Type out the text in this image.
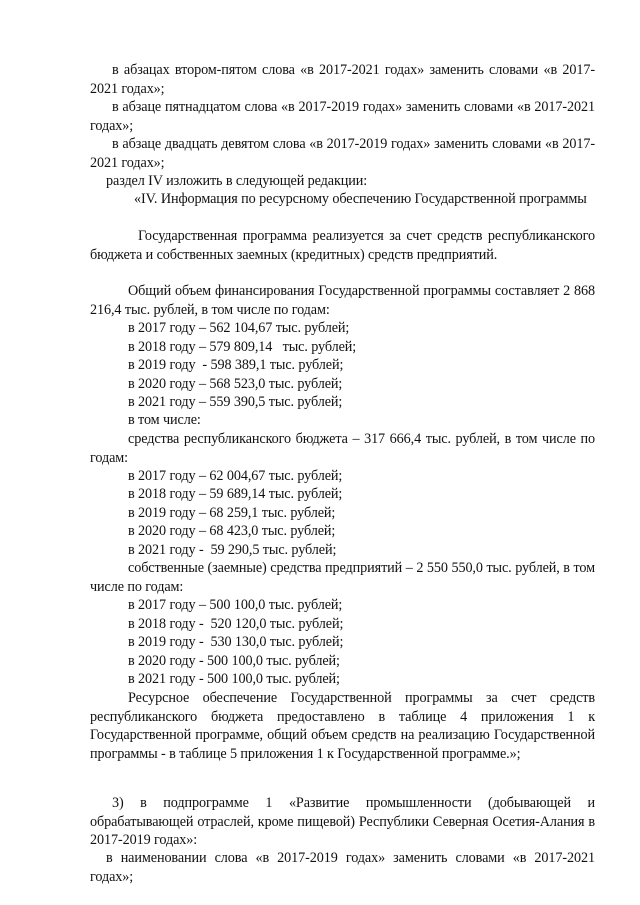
в абзацах втором-пятом слова «в 2017-2021 годах» заменить словами «в 2017-2021 годах»;

в абзаце пятнадцатом слова «в 2017-2019 годах» заменить словами «в 2017-2021 годах»;

в абзаце двадцать девятом слова «в 2017-2019 годах» заменить словами «в 2017-2021 годах»;

раздел IV изложить в следующей редакции:

«IV. Информация по ресурсному обеспечению Государственной программы

Государственная программа реализуется за счет средств республиканского бюджета и собственных заемных (кредитных) средств предприятий.

Общий объем финансирования Государственной программы составляет 2 868 216,4 тыс. рублей, в том числе по годам:

в 2017 году – 562 104,67 тыс. рублей;
в 2018 году – 579 809,14   тыс. рублей;
в 2019 году  - 598 389,1 тыс. рублей;
в 2020 году – 568 523,0 тыс. рублей;
в 2021 году – 559 390,5 тыс. рублей;
в том числе:

средства республиканского бюджета – 317 666,4 тыс. рублей, в том числе по годам:

в 2017 году – 62 004,67 тыс. рублей;
в 2018 году – 59 689,14 тыс. рублей;
в 2019 году – 68 259,1 тыс. рублей;
в 2020 году – 68 423,0 тыс. рублей;
в 2021 году -  59 290,5 тыс. рублей;

собственные (заемные) средства предприятий – 2 550 550,0 тыс. рублей, в том числе по годам:

в 2017 году – 500 100,0 тыс. рублей;
в 2018 году -  520 120,0 тыс. рублей;
в 2019 году -  530 130,0 тыс. рублей;
в 2020 году - 500 100,0 тыс. рублей;
в 2021 году - 500 100,0 тыс. рублей;

Ресурсное обеспечение Государственной программы за счет средств республиканского бюджета предоставлено в таблице 4 приложения 1 к Государственной программе, общий объем средств на реализацию Государственной программы - в таблице 5 приложения 1 к Государственной программе.»;

3) в подпрограмме 1 «Развитие промышленности (добывающей и обрабатывающей отраслей, кроме пищевой) Республики Северная Осетия-Алания в 2017-2019 годах»:

в наименовании слова «в 2017-2019 годах» заменить словами «в 2017-2021 годах»;
